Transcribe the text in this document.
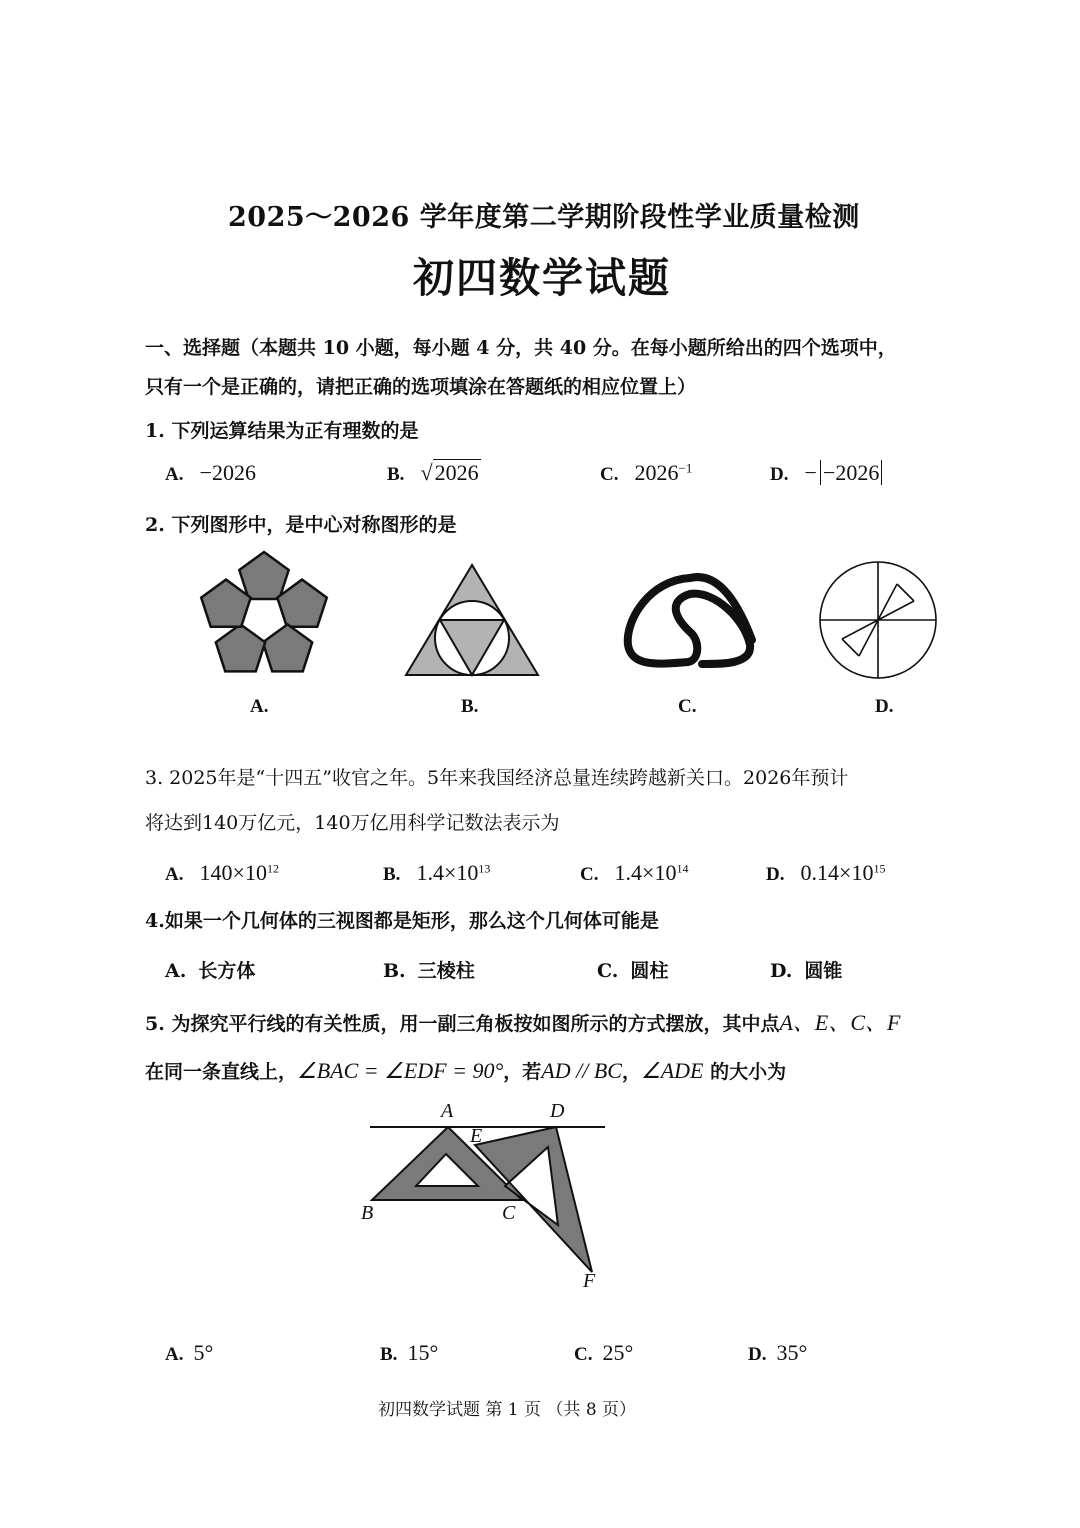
2025～2026 学年度第二学期阶段性学业质量检测
初四数学试题
一、选择题（本题共 10 小题，每小题 4 分，共 40 分。在每小题所给出的四个选项中，
只有一个是正确的，请把正确的选项填涂在答题纸的相应位置上）
1. 下列运算结果为正有理数的是
A. −2026	B. √2026	C. $2026^{-1}$	D. − −2026
2. 下列图形中，是中心对称图形的是
A.	B.	C.	D.
3. 2025年是“十四五”收官之年。5年来我国经济总量连续跨越新关口。2026年预计
将达到140万亿元，140万亿用科学记数法表示为
A. $140\times 10^{12}$	B. $1.4\times 10^{13}$	C. $1.4\times 10^{14}$	D. $0.14\times 10^{15}$
4.如果一个几何体的三视图都是矩形，那么这个几何体可能是
A. 长方体	B. 三棱柱	C. 圆柱	D. 圆锥
5. 为探究平行线的有关性质，用一副三角板按如图所示的方式摆放，其中点A、E、C、F
在同一条直线上，∠BAC = ∠EDF = 90°，若AD // BC，∠ADE 的大小为
A	D
E
B	C
F
A. 5°	B. 15°	C. 25°	D. 35°
初四数学试题 第 1 页 （共 8 页）
